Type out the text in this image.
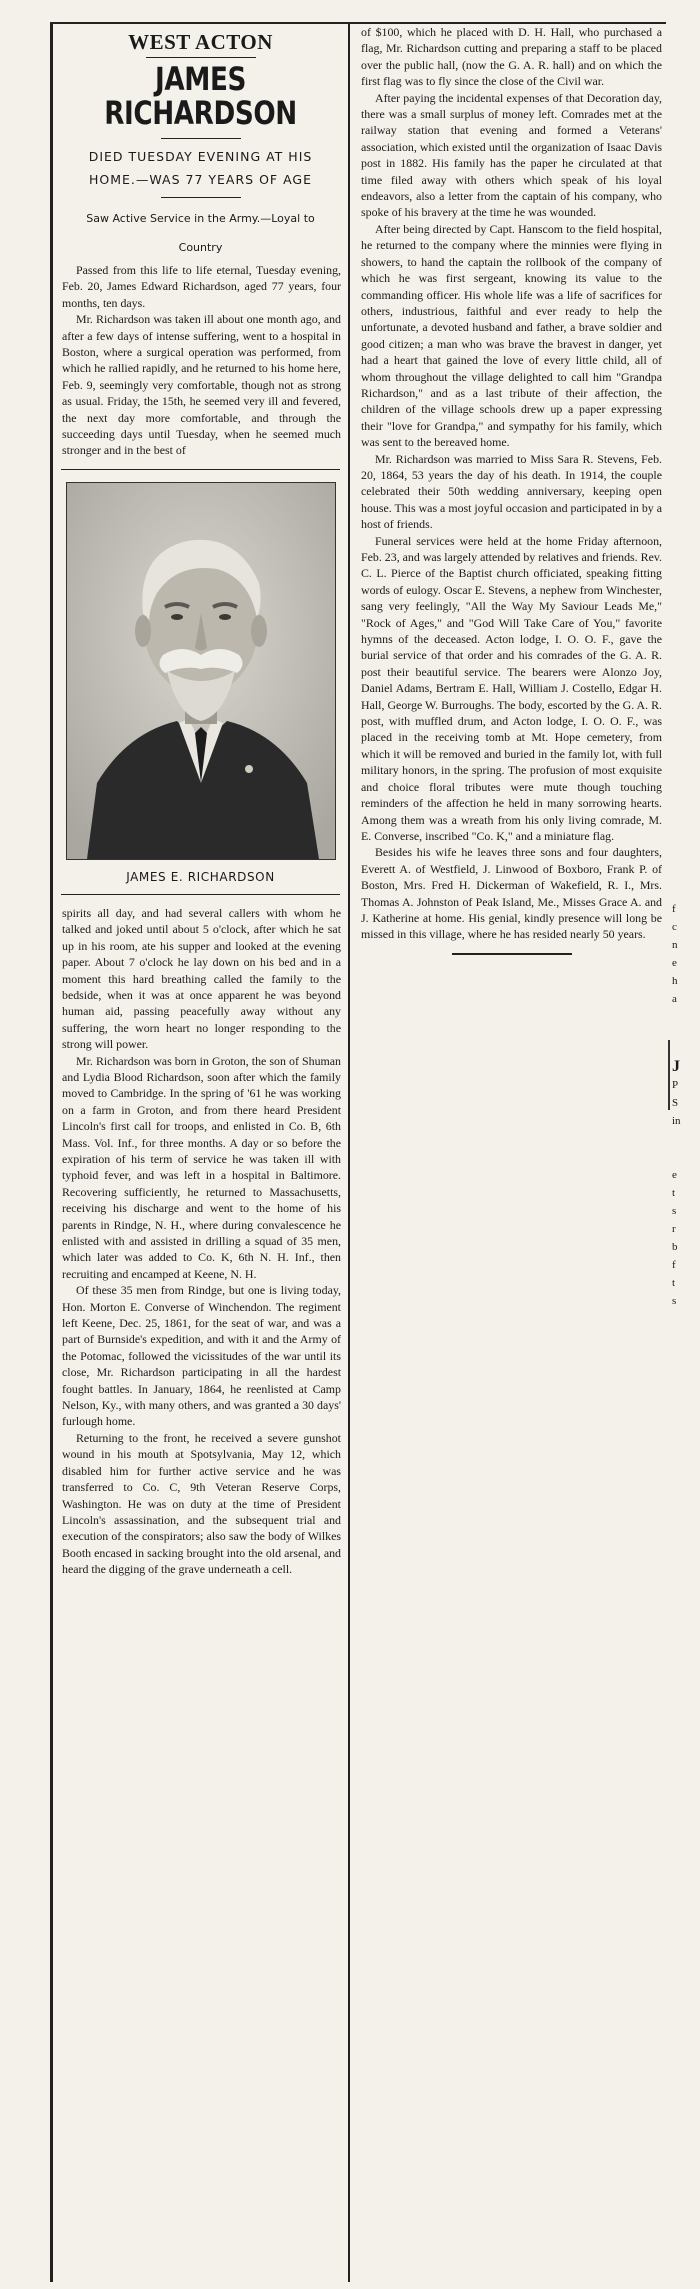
WEST ACTON
JAMES RICHARDSON
DIED TUESDAY EVENING AT HIS HOME.—WAS 77 YEARS OF AGE
Saw Active Service in the Army.—Loyal to Country

Passed from this life to life eternal, Tuesday evening, Feb. 20, James Edward Richardson, aged 77 years, four months, ten days.

Mr. Richardson was taken ill about one month ago, and after a few days of intense suffering, went to a hospital in Boston, where a surgical operation was performed, from which he rallied rapidly, and he returned to his home here, Feb. 9, seemingly very comfortable, though not as strong as usual. Friday, the 15th, he seemed very ill and fevered, the next day more comfortable, and through the succeeding days until Tuesday, when he seemed much stronger and in the best of

JAMES E. RICHARDSON

spirits all day, and had several callers with whom he talked and joked until about 5 o'clock, after which he sat up in his room, ate his supper and looked at the evening paper. About 7 o'clock he lay down on his bed and in a moment this hard breathing called the family to the bedside, when it was at once apparent he was beyond human aid, passing peacefully away without any suffering, the worn heart no longer responding to the strong will power.

Mr. Richardson was born in Groton, the son of Shuman and Lydia Blood Richardson, soon after which the family moved to Cambridge. In the spring of '61 he was working on a farm in Groton, and from there heard President Lincoln's first call for troops, and enlisted in Co. B, 6th Mass. Vol. Inf., for three months. A day or so before the expiration of his term of service he was taken ill with typhoid fever, and was left in a hospital in Baltimore. Recovering sufficiently, he returned to Massachusetts, receiving his discharge and went to the home of his parents in Rindge, N. H., where during convalescence he enlisted with and assisted in drilling a squad of 35 men, which later was added to Co. K, 6th N. H. Inf., then recruiting and encamped at Keene, N. H.

Of these 35 men from Rindge, but one is living today, Hon. Morton E. Converse of Winchendon. The regiment left Keene, Dec. 25, 1861, for the seat of war, and was a part of Burnside's expedition, and with it and the Army of the Potomac, followed the vicissitudes of the war until its close, Mr. Richardson participating in all the hardest fought battles. In January, 1864, he reenlisted at Camp Nelson, Ky., with many others, and was granted a 30 days' furlough home.

Returning to the front, he received a severe gunshot wound in his mouth at Spotsylvania, May 12, which disabled him for further active service and he was transferred to Co. C, 9th Veteran Reserve Corps, Washington. He was on duty at the time of President Lincoln's assassination, and the subsequent trial and execution of the conspirators; also saw the body of Wilkes Booth encased in sacking brought into the old arsenal, and heard the digging of the grave underneath a cell.

of $100, which he placed with D. H. Hall, who purchased a flag, Mr. Richardson cutting and preparing a staff to be placed over the public hall, (now the G. A. R. hall) and on which the first flag was to fly since the close of the Civil war.

After paying the incidental expenses of that Decoration day, there was a small surplus of money left. Comrades met at the railway station that evening and formed a Veterans' association, which existed until the organization of Isaac Davis post in 1882. His family has the paper he circulated at that time filed away with others which speak of his loyal endeavors, also a letter from the captain of his company, who spoke of his bravery at the time he was wounded.

After being directed by Capt. Hanscom to the field hospital, he returned to the company where the minnies were flying in showers, to hand the captain the rollbook of the company of which he was first sergeant, knowing its value to the commanding officer. His whole life was a life of sacrifices for others, industrious, faithful and ever ready to help the unfortunate, a devoted husband and father, a brave soldier and good citizen; a man who was brave the bravest in danger, yet had a heart that gained the love of every little child, all of whom throughout the village delighted to call him "Grandpa Richardson," and as a last tribute of their affection, the children of the village schools drew up a paper expressing their "love for Grandpa," and sympathy for his family, which was sent to the bereaved home.

Mr. Richardson was married to Miss Sara R. Stevens, Feb. 20, 1864, 53 years the day of his death. In 1914, the couple celebrated their 50th wedding anniversary, keeping open house. This was a most joyful occasion and participated in by a host of friends.

Funeral services were held at the home Friday afternoon, Feb. 23, and was largely attended by relatives and friends. Rev. C. L. Pierce of the Baptist church officiated, speaking fitting words of eulogy. Oscar E. Stevens, a nephew from Winchester, sang very feelingly, "All the Way My Saviour Leads Me," "Rock of Ages," and "God Will Take Care of You," favorite hymns of the deceased. Acton lodge, I. O. O. F., gave the burial service of that order and his comrades of the G. A. R. post their beautiful service. The bearers were Alonzo Joy, Daniel Adams, Bertram E. Hall, William J. Costello, Edgar H. Hall, George W. Burroughs. The body, escorted by the G. A. R. post, with muffled drum, and Acton lodge, I. O. O. F., was placed in the receiving tomb at Mt. Hope cemetery, from which it will be removed and buried in the family lot, with full military honors, in the spring. The profusion of most exquisite and choice floral tributes were mute though touching reminders of the affection he held in many sorrowing hearts. Among them was a wreath from his only living comrade, M. E. Converse, inscribed "Co. K," and a miniature flag.

Besides his wife he leaves three sons and four daughters, Everett A. of Westfield, J. Linwood of Boxboro, Frank P. of Boston, Mrs. Fred H. Dickerman of Wakefield, R. I., Mrs. Thomas A. Johnston of Peak Island, Me., Misses Grace A. and J. Katherine at home. His genial, kindly presence will long be missed in this village, where he has resided nearly 50 years.

f
c
n
e
h
a
J
P
S
in
e
t
s
r
b
f
t
s
